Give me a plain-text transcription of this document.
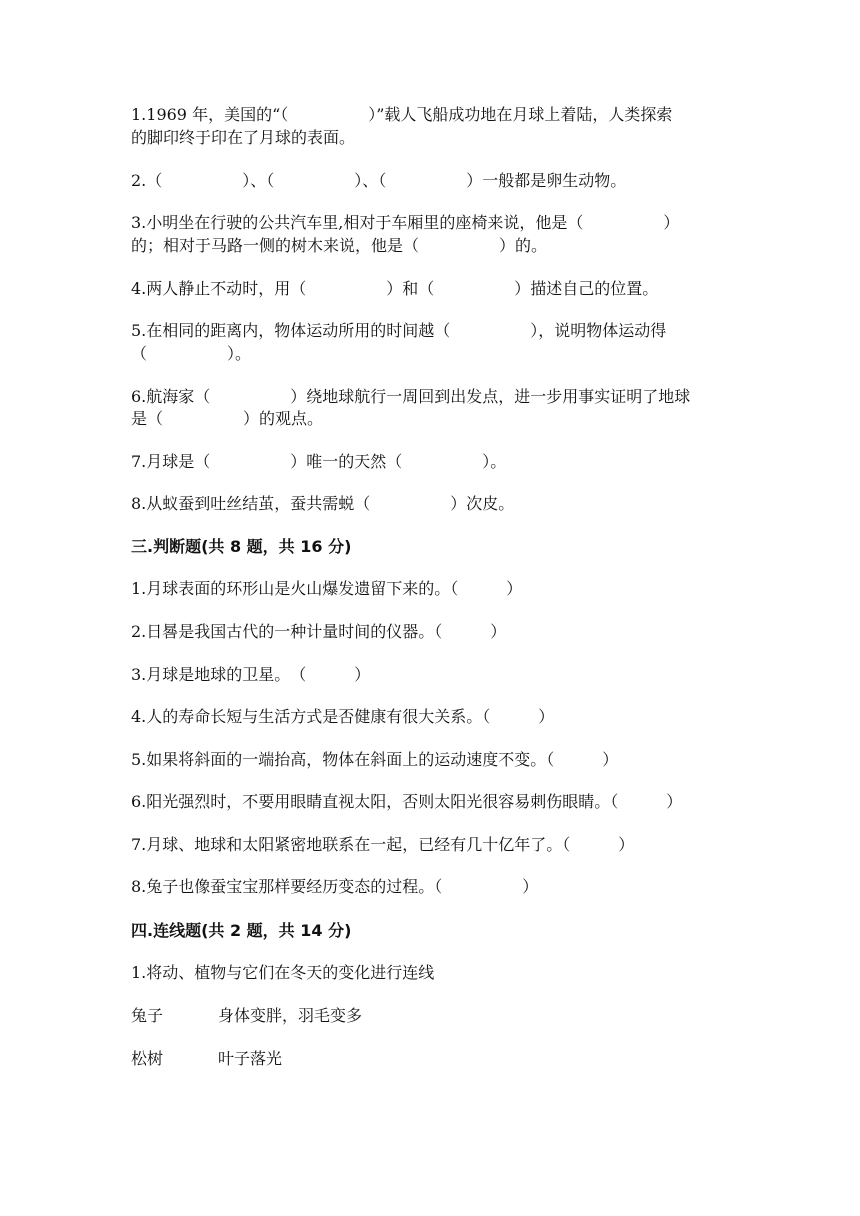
1.1969 年，美国的“（　　　　　）”载人飞船成功地在月球上着陆，人类探索
的脚印终于印在了月球的表面。
2.（　　　　　）、（　　　　　）、（　　　　　）一般都是卵生动物。
3.小明坐在行驶的公共汽车里,相对于车厢里的座椅来说，他是（　　　　　）
的；相对于马路一侧的树木来说，他是（　　　　　）的。
4.两人静止不动时，用（　　　　　）和（　　　　　）描述自己的位置。
5.在相同的距离内，物体运动所用的时间越（　　　　　），说明物体运动得
（　　　　　）。
6.航海家（　　　　　）绕地球航行一周回到出发点，进一步用事实证明了地球
是（　　　　　）的观点。
7.月球是（　　　　　）唯一的天然（　　　　　）。
8.从蚁蚕到吐丝结茧，蚕共需蜕（　　　　　）次皮。
三.判断题(共 8 题，共 16 分)
1.月球表面的环形山是火山爆发遗留下来的。（　　　）
2.日晷是我国古代的一种计量时间的仪器。（　　　）
3.月球是地球的卫星。　（　　　）
4.人的寿命长短与生活方式是否健康有很大关系。（　　　）
5.如果将斜面的一端抬高，物体在斜面上的运动速度不变。（　　　）
6.阳光强烈时，不要用眼睛直视太阳，否则太阳光很容易刺伤眼睛。（　　　）
7.月球、地球和太阳紧密地联系在一起，已经有几十亿年了。（　　　）
8.兔子也像蚕宝宝那样要经历变态的过程。（　　　　　）
四.连线题(共 2 题，共 14 分)
1.将动、植物与它们在冬天的变化进行连线
兔子	身体变胖，羽毛变多
松树	叶子落光
